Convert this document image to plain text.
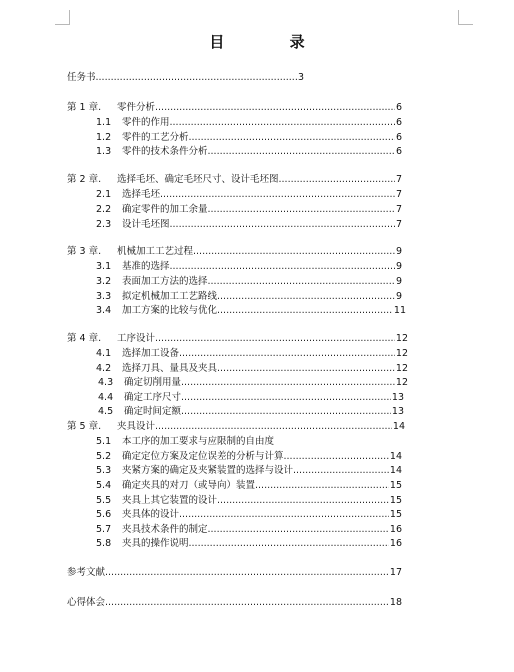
目 录
任务书 .....	3
第 1 章.	零件分析 .....	6
1.1	零件的作用 .....	6
1.2	零件的工艺分析 .....	6
1.3	零件的技术条件分析 .....	6
第 2 章.	选择毛坯、确定毛坯尺寸、设计毛坯图 .....	7
2.1	选择毛坯 .....	7
2.2	确定零件的加工余量 .....	7
2.3	设计毛坯图 .....	7
第 3 章.	机械加工工艺过程 .....	9
3.1	基准的选择 .....	9
3.2	表面加工方法的选择 .....	9
3.3	拟定机械加工工艺路线 .....	9
3.4	加工方案的比较与优化 .....	11
第 4 章.	工序设计 .....	12
4.1	选择加工设备 .....	12
4.2	选择刀具、量具及夹具 .....	12
4.3	确定切削用量 .....	12
4.4	确定工序尺寸 .....	13
4.5	确定时间定额 .....	13
第 5 章.	夹具设计 .....	14
5.1	本工序的加工要求与应限制的自由度
5.2	确定定位方案及定位误差的分析与计算 .....	14
5.3	夹紧方案的确定及夹紧装置的选择与设计 .....	14
5.4	确定夹具的对刀（或导向）装置 .....	15
5.5	夹具上其它装置的设计 .....	15
5.6	夹具体的设计 .....	15
5.7	夹具技术条件的制定 .....	16
5.8	夹具的操作说明 .....	16
参考文献 .....	17
心得体会 .....	18
